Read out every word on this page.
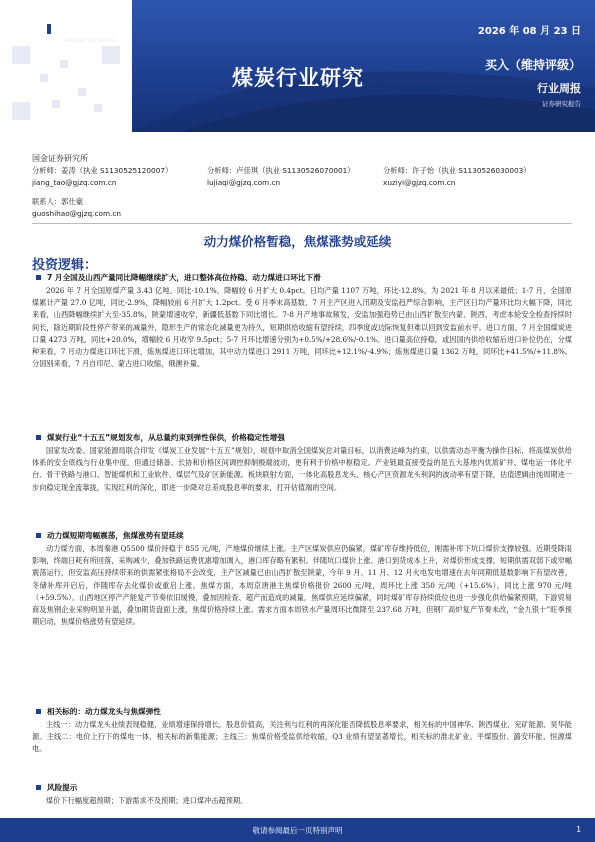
国金证券
SINOLINK SECURITIES
2026 年 08 月 23 日
煤炭行业研究
买入（维持评级）
行业周报
证券研究报告
国金证券研究所
分析师：姜涛（执业 S1130525120007）
jiang_tao@gjzq.com.cn
分析师：卢佳琪（执业 S1130526070001）
lujiaqi@gjzq.com.cn
分析师：许子怡（执业 S1130526030003）
xuziyi@gjzq.com.cn
联系人：郭仕豪
guoshihao@gjzq.com.cn
动力煤价格暂稳，焦煤涨势或延续
投资逻辑：
7 月全国及山西产量同比降幅继续扩大，进口整体高位持稳、动力煤进口环比下滑
2026 年 7 月全国原煤产量 3.43 亿吨、同比-10.1%，降幅较 6 月扩大 0.4pct。日均产量 1107 万吨，环比-12.8%，为 2021 年 8 月以来最低；1-7 月，全国原煤累计产量 27.0 亿吨，同比-2.9%，降幅较前 6 月扩大 1.2pct。受 6 月季末高基数、7 月主产区进入汛期及安监趋严综合影响，主产区日均产量环比均大幅下降，同比来看，山西降幅继续扩大至-35.8%，陕蒙增速收窄，新疆低基数下同比增长。7-8 月产地事故频发，安监加强趋势已由山西扩散至内蒙、陕西，考虑本轮安全检查持续时间长，除近期阶段性停产带来的减量外，隐形生产的常态化减量更为持久，短期供给收缩有望持续，四季度或边际恢复但难以回到安监前水平。进口方面，7 月全国煤炭进口量 4273 万吨，同比+20.0%，增幅较 6 月收窄 9.5pct；5-7 月环比增速分别为+0.5%/+28.6%/-0.1%。进口量高位持稳，或因国内供给收缩后进口补位仍在，分煤种来看，7 月动力煤进口环比下滑，炼焦煤进口环比增加，其中动力煤进口 2911 万吨，同环比+12.1%/-4.9%；炼焦煤进口量 1362 万吨，同环比+41.5%/+11.8%。分国别来看，7 月自印尼、蒙古进口收缩，俄澳补量。
煤炭行业“十五五”规划发布，从总量约束到弹性保供，价格稳定性增强
国家发改委、国家能源局联合印发《煤炭工业发展“十五五”规划》，规划中取消全国煤炭总对量目标，以消费达峰为约束，以供需动态平衡为操作目标，将高煤炭供给体系的安全底线与行业集中度，但通过储备、长协和价格区间调控抑制极端波动，更有利于价格中枢稳定。产业链最直接受益的是五大基地内优质矿井、煤电运一体化平台、骨干铁路与港口、智能煤机和工业软件、煤层气及矿区新能源。板块联射方面，一体化高股息龙头、核心产区资源龙头利润的波动率有望下降，估值逻辑由纯周期进一步向稳定现金流靠拢，实现红利的深化，即进一步降对总差成股息率的要求，打开估值端的空间。
动力煤短期弯幅震荡，焦煤涨势有望延续
动力煤方面，本周秦港 Q5500 煤价持稳于 855 元/吨，产地煤价继续上涨。主产区煤炭供应仍偏紧，煤矿库存维持低位，刚需补库下坑口煤价支撑较强。近期受降雨影响，终端日耗有所回落，采购减少，叠加铁路运费优惠增加调入，港口库存略有累积。伴随坑口煤价上涨、港口到货成本上升，对煤价形成支撑，短期供需双弱下或窄幅震荡运行，但安监高压持续带来的供需紧张格局不会改变，主产区减量已由山西扩散至陕蒙，今年 9 月、11 月、12 月火电发电增速在去年同期低基数影响下有望改善，冬储补库开启后，伴随库存去化煤价或重启上涨。焦煤方面，本周京唐港主焦煤价格报价 2600 元/吨，周环比上涨 350 元/吨（+15.6%），同比上涨 970 元/吨（+59.5%）。山西地区停产产能复产节奏依旧缓慢，叠加因检查、超产而造成的减量，焦煤供应延续偏紧，同时煤矿库存持续低位也进一步强化供给偏紧预期，下游贸易商及焦钢企业采购明显升温，叠加期货盘面上涨，焦煤价格持续上涨。需求方面本周铁水产量周环比微降至 237.68 万吨，但钢厂高炉复产节奏未改，“金九银十”旺季预期启动，焦煤价格涨势有望延续。
相关标的：动力煤龙头与焦煤弹性
主线一：动力煤龙头业绩表现稳健，业绩增速保持增长，股息价值高，关注利与红利的再深化能否降低股息率要求，相关标的中国神华、陕西煤业、兖矿能源、昊华能源。主线二：电价上行下的煤电一体，相关标的新集能源；主线三：焦煤价格受监供给收缩，Q3 业绩有望显著增长，相关标的淮北矿业、平煤股份、潞安环能、恒源煤电。
风险提示
煤价下行幅度超预期；下游需求不及预期；进口煤冲击超预期。
敬请参阅最后一页特别声明	1
